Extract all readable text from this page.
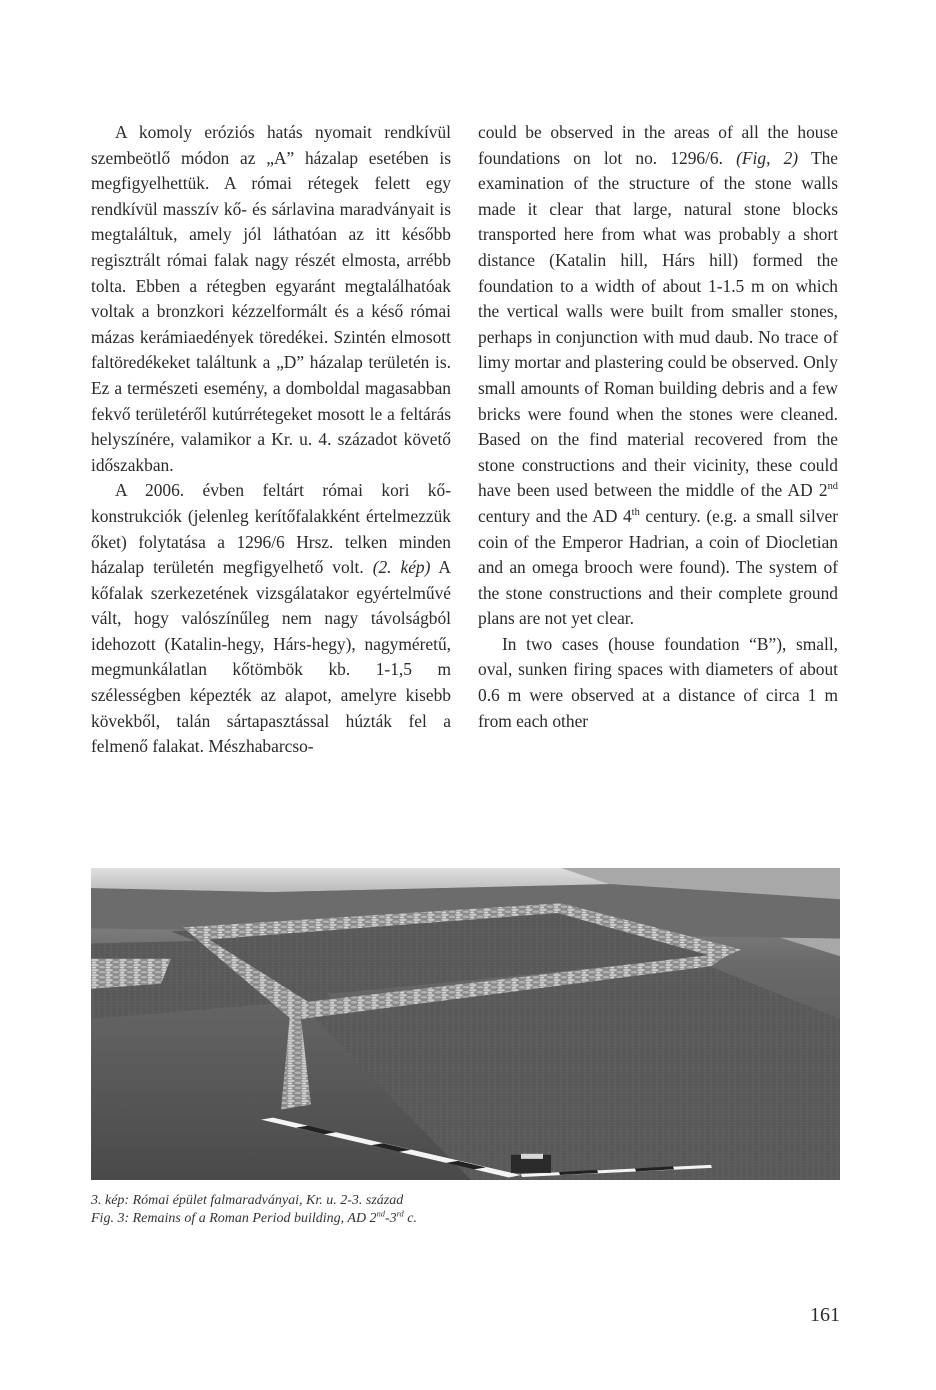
A komoly eróziós hatás nyomait rendkívül szembeötlő módon az „A” házalap esetében is megfigyelhettük. A római rétegek felett egy rendkívül masszív kő- és sárlavina maradványait is megtaláltuk, amely jól láthatóan az itt később regisztrált római falak nagy részét elmosta, arrébb tolta. Ebben a rétegben egyaránt megtalálhatóak voltak a bronzkori kézzelformált és a késő római mázas kerámiaedények töredékei. Szintén elmosott faltöredékeket találtunk a „D” házalap területén is. Ez a természeti esemény, a domboldal magasabban fekvő területéről kutúrrétegeket mosott le a feltárás helyszínére, valamikor a Kr. u. 4. századot követő időszakban.

A 2006. évben feltárt római kori kőkonstrukciók (jelenleg kerítőfalakként értelmezzük őket) folytatása a 1296/6 Hrsz. telken minden házalap területén megfigyelhető volt. (2. kép) A kőfalak szerkezetének vizsgálatakor egyértelművé vált, hogy valószínűleg nem nagy távolságból idehozott (Katalin-hegy, Hárs-hegy), nagyméretű, megmunkálatlan kőtömbök kb. 1-1,5 m szélességben képezték az alapot, amelyre kisebb kövekből, talán sártapasztással húzták fel a felmenő falakat. Mészhabarcso-

could be observed in the areas of all the house foundations on lot no. 1296/6. (Fig, 2) The examination of the structure of the stone walls made it clear that large, natural stone blocks transported here from what was probably a short distance (Katalin hill, Hárs hill) formed the foundation to a width of about 1-1.5 m on which the vertical walls were built from smaller stones, perhaps in conjunction with mud daub. No trace of limy mortar and plastering could be observed. Only small amounts of Roman building debris and a few bricks were found when the stones were cleaned. Based on the find material recovered from the stone constructions and their vicinity, these could have been used between the middle of the AD 2nd century and the AD 4th century. (e.g. a small silver coin of the Emperor Hadrian, a coin of Diocletian and an omega brooch were found). The system of the stone constructions and their complete ground plans are not yet clear.

In two cases (house foundation “B”), small, oval, sunken firing spaces with diameters of about 0.6 m were observed at a distance of circa 1 m from each other

3. kép: Római épület falmaradványai, Kr. u. 2-3. század
Fig. 3: Remains of a Roman Period building, AD 2nd-3rd c.
161
